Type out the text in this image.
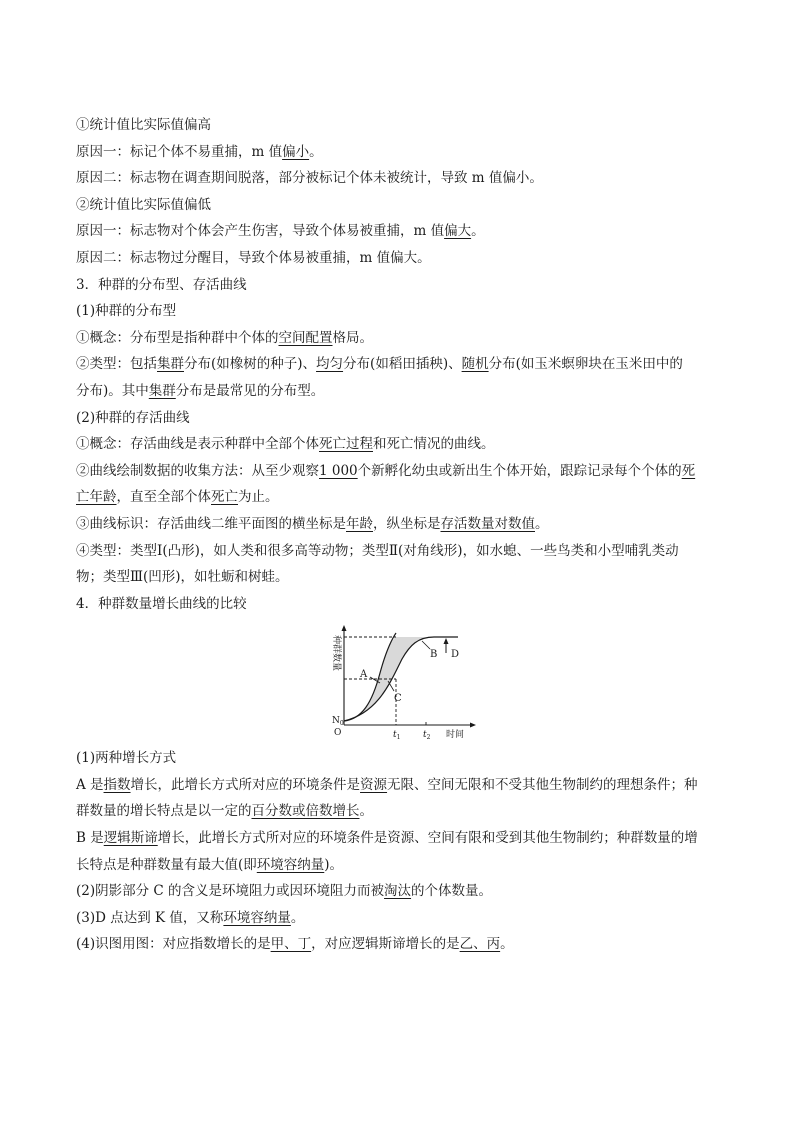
①统计值比实际值偏高
原因一：标记个体不易重捕，m 值偏小。
原因二：标志物在调查期间脱落，部分被标记个体未被统计，导致 m 值偏小。
②统计值比实际值偏低
原因一：标志物对个体会产生伤害，导致个体易被重捕，m 值偏大。
原因二：标志物过分醒目，导致个体易被重捕，m 值偏大。
3．种群的分布型、存活曲线
(1)种群的分布型
①概念：分布型是指种群中个体的空间配置格局。
②类型：包括集群分布(如橡树的种子)、均匀分布(如稻田插秧)、随机分布(如玉米螟卵块在玉米田中的
分布)。其中集群分布是最常见的分布型。
(2)种群的存活曲线
①概念：存活曲线是表示种群中全部个体死亡过程和死亡情况的曲线。
②曲线绘制数据的收集方法：从至少观察1 000个新孵化幼虫或新出生个体开始，跟踪记录每个个体的死
亡年龄，直至全部个体死亡为止。
③曲线标识：存活曲线二维平面图的横坐标是年龄，纵坐标是存活数量对数值。
④类型：类型Ⅰ(凸形)，如人类和很多高等动物；类型Ⅱ(对角线形)，如水螅、一些鸟类和小型哺乳类动
物；类型Ⅲ(凹形)，如牡蛎和树蛙。
4．种群数量增长曲线的比较
种群数量
O
$N_0$
$t_1$	$t_2$ 时间
A
B
C
D
(1)两种增长方式
A 是指数增长，此增长方式所对应的环境条件是资源无限、空间无限和不受其他生物制约的理想条件；种
群数量的增长特点是以一定的百分数或倍数增长。
B 是逻辑斯谛增长，此增长方式所对应的环境条件是资源、空间有限和受到其他生物制约；种群数量的增
长特点是种群数量有最大值(即环境容纳量)。
(2)阴影部分 C 的含义是环境阻力或因环境阻力而被淘汰的个体数量。
(3)D 点达到 K 值，又称环境容纳量。
(4)识图用图：对应指数增长的是甲、丁，对应逻辑斯谛增长的是乙、丙。
